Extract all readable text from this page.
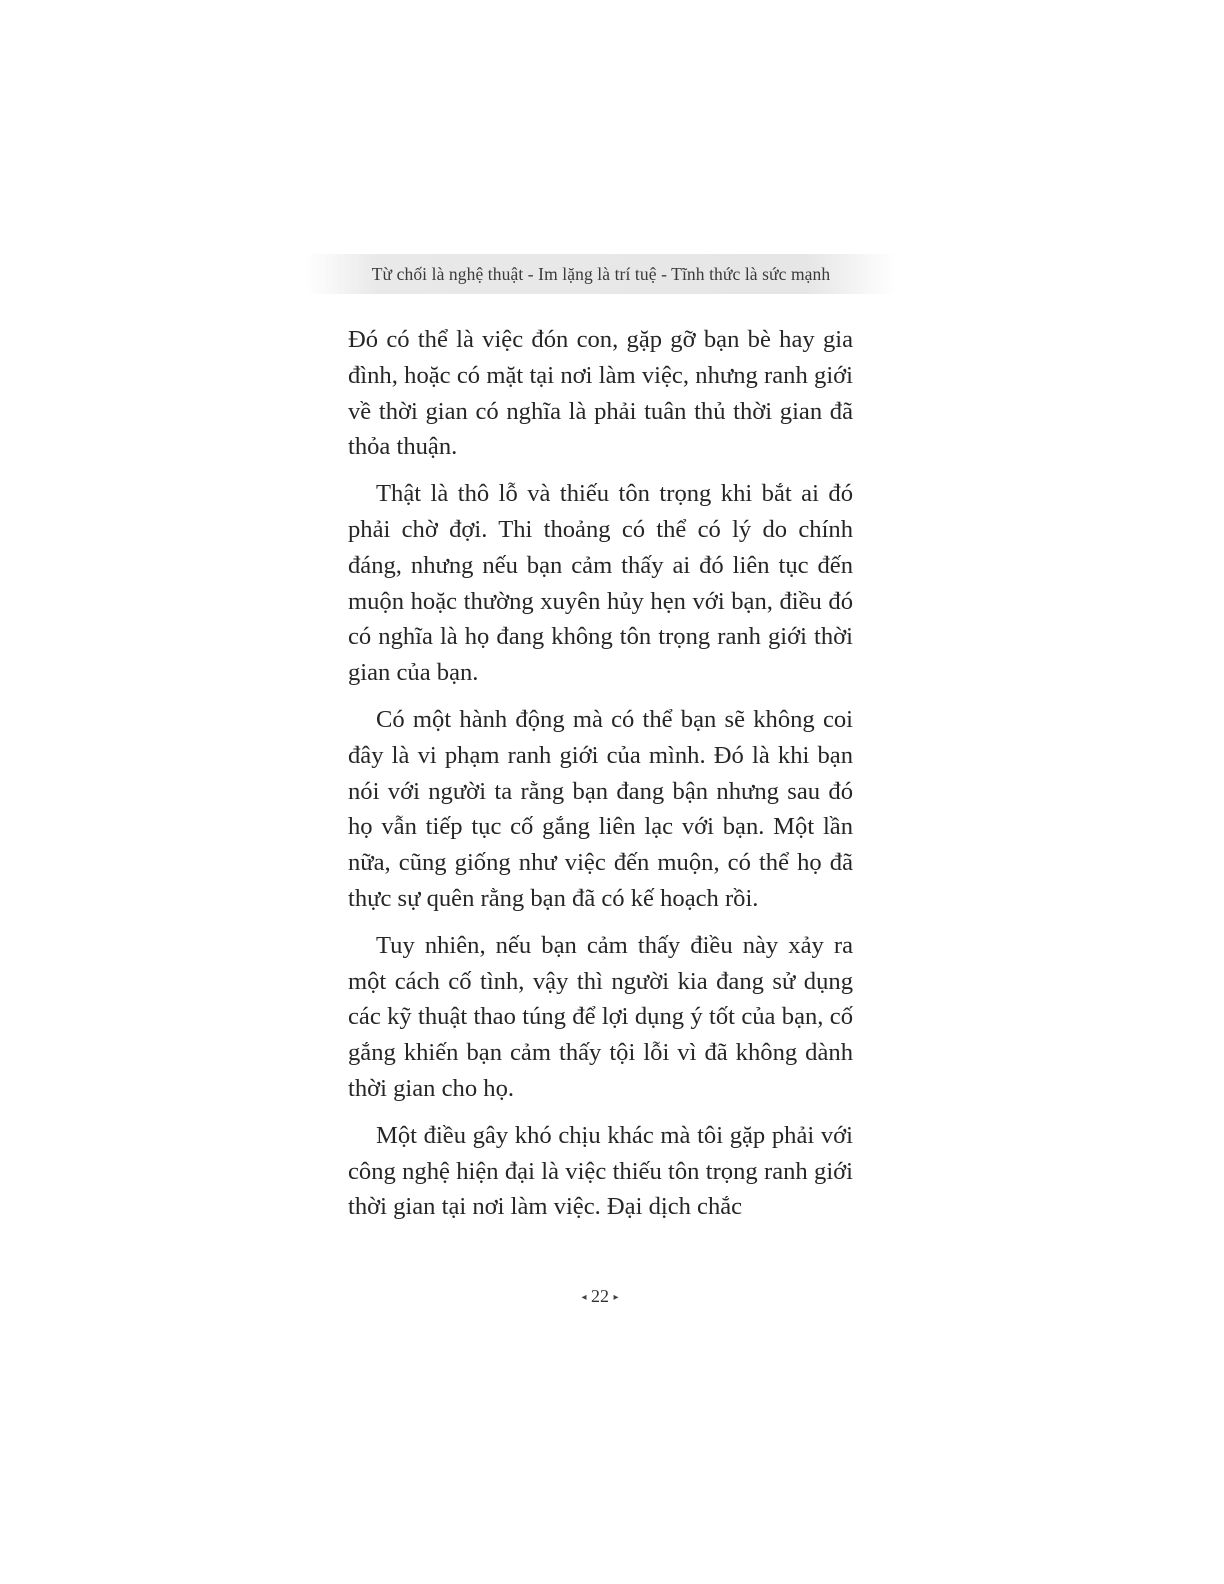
Từ chối là nghệ thuật - Im lặng là trí tuệ - Tĩnh thức là sức mạnh

Đó có thể là việc đón con, gặp gỡ bạn bè hay gia đình, hoặc có mặt tại nơi làm việc, nhưng ranh giới về thời gian có nghĩa là phải tuân thủ thời gian đã thỏa thuận.

Thật là thô lỗ và thiếu tôn trọng khi bắt ai đó phải chờ đợi. Thi thoảng có thể có lý do chính đáng, nhưng nếu bạn cảm thấy ai đó liên tục đến muộn hoặc thường xuyên hủy hẹn với bạn, điều đó có nghĩa là họ đang không tôn trọng ranh giới thời gian của bạn.

Có một hành động mà có thể bạn sẽ không coi đây là vi phạm ranh giới của mình. Đó là khi bạn nói với người ta rằng bạn đang bận nhưng sau đó họ vẫn tiếp tục cố gắng liên lạc với bạn. Một lần nữa, cũng giống như việc đến muộn, có thể họ đã thực sự quên rằng bạn đã có kế hoạch rồi.

Tuy nhiên, nếu bạn cảm thấy điều này xảy ra một cách cố tình, vậy thì người kia đang sử dụng các kỹ thuật thao túng để lợi dụng ý tốt của bạn, cố gắng khiến bạn cảm thấy tội lỗi vì đã không dành thời gian cho họ.

Một điều gây khó chịu khác mà tôi gặp phải với công nghệ hiện đại là việc thiếu tôn trọng ranh giới thời gian tại nơi làm việc. Đại dịch chắc

◂ 22 ▸
